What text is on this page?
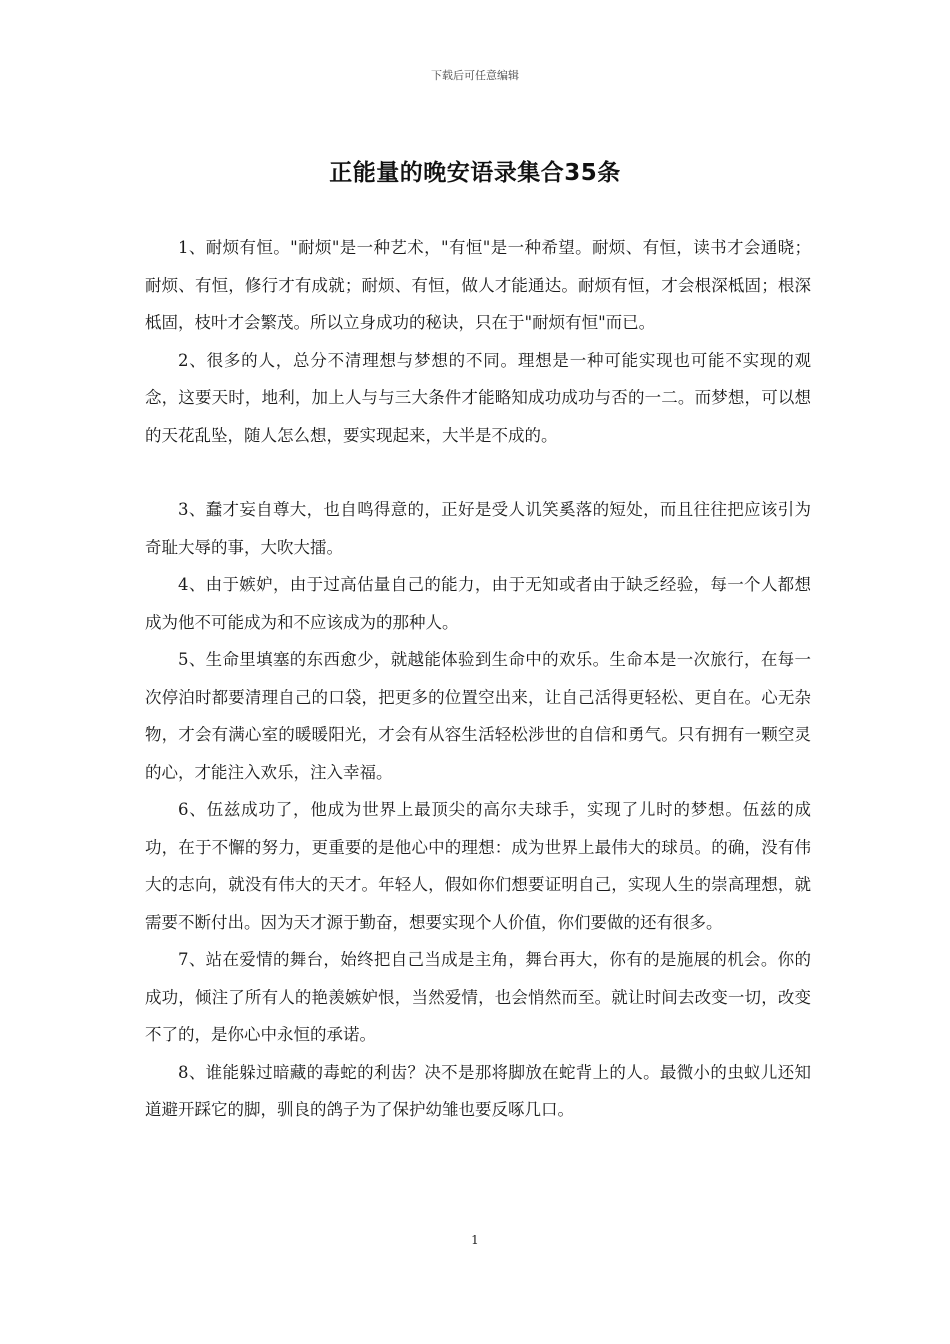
下载后可任意编辑
正能量的晚安语录集合35条

1、耐烦有恒。"耐烦"是一种艺术，"有恒"是一种希望。耐烦、有恒，读书才会通晓；耐烦、有恒，修行才有成就；耐烦、有恒，做人才能通达。耐烦有恒，才会根深柢固；根深柢固，枝叶才会繁茂。所以立身成功的秘诀，只在于"耐烦有恒"而已。

2、很多的人，总分不清理想与梦想的不同。理想是一种可能实现也可能不实现的观念，这要天时，地利，加上人与与三大条件才能略知成功成功与否的一二。而梦想，可以想的天花乱坠，随人怎么想，要实现起来，大半是不成的。

3、蠢才妄自尊大，也自鸣得意的，正好是受人讥笑奚落的短处，而且往往把应该引为奇耻大辱的事，大吹大擂。

4、由于嫉妒，由于过高估量自己的能力，由于无知或者由于缺乏经验，每一个人都想成为他不可能成为和不应该成为的那种人。

5、生命里填塞的东西愈少，就越能体验到生命中的欢乐。生命本是一次旅行，在每一次停泊时都要清理自己的口袋，把更多的位置空出来，让自己活得更轻松、更自在。心无杂物，才会有满心室的暖暖阳光，才会有从容生活轻松涉世的自信和勇气。只有拥有一颗空灵的心，才能注入欢乐，注入幸福。

6、伍兹成功了，他成为世界上最顶尖的高尔夫球手，实现了儿时的梦想。伍兹的成功，在于不懈的努力，更重要的是他心中的理想：成为世界上最伟大的球员。的确，没有伟大的志向，就没有伟大的天才。年轻人，假如你们想要证明自己，实现人生的崇高理想，就需要不断付出。因为天才源于勤奋，想要实现个人价值，你们要做的还有很多。

7、站在爱情的舞台，始终把自己当成是主角，舞台再大，你有的是施展的机会。你的成功，倾注了所有人的艳羡嫉妒恨，当然爱情，也会悄然而至。就让时间去改变一切，改变不了的，是你心中永恒的承诺。

8、谁能躲过暗藏的毒蛇的利齿？决不是那将脚放在蛇背上的人。最微小的虫蚁儿还知道避开踩它的脚，驯良的鸽子为了保护幼雏也要反啄几口。

1
